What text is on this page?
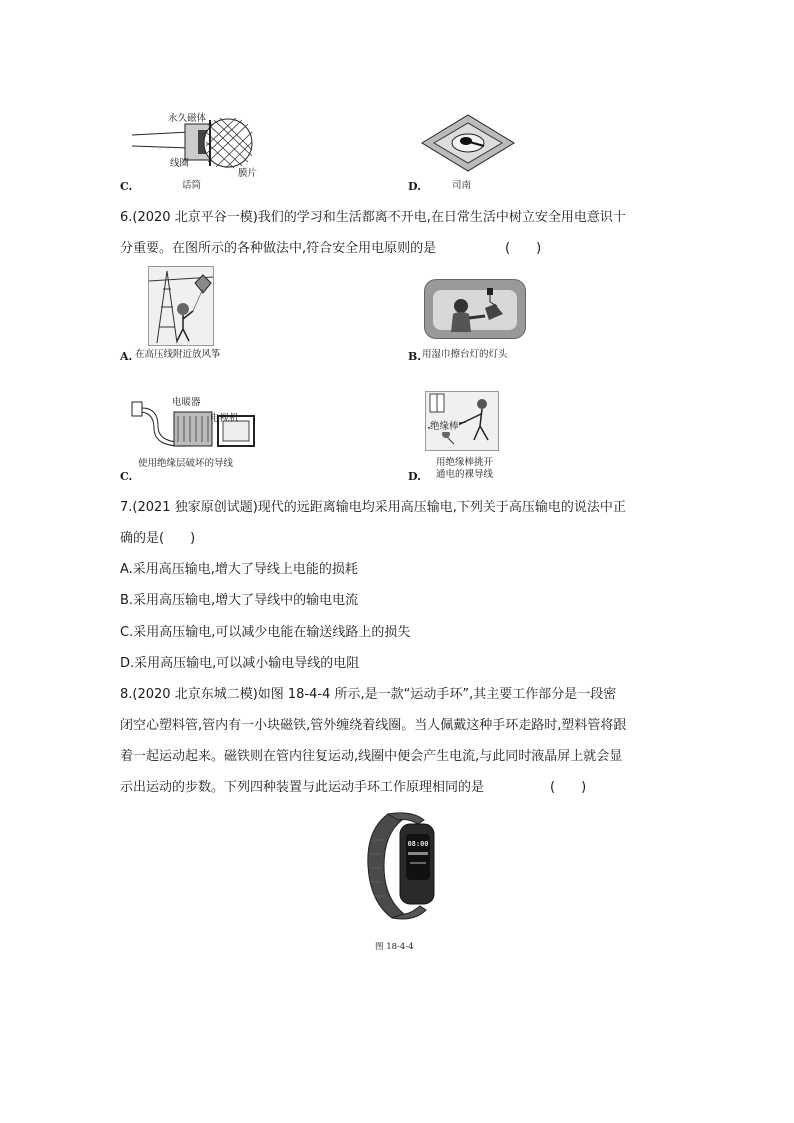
永久磁体
线圈
膜片
C.	话筒	D.	司南
6.(2020 北京平谷一模)我们的学习和生活都离不开电,在日常生活中树立安全用电意识十
分重要。在图所示的各种做法中,符合安全用电原则的是	(　　)
A. 在高压线附近放风筝	B. 用湿巾擦台灯的灯头
电暖器
电视机
使用绝缘层破坏的导线
C.
绝缘棒
用绝缘棒挑开
通电的裸导线
D.
7.(2021 独家原创试题)现代的远距离输电均采用高压输电,下列关于高压输电的说法中正
确的是(　　)
A.采用高压输电,增大了导线上电能的损耗
B.采用高压输电,增大了导线中的输电电流
C.采用高压输电,可以减少电能在输送线路上的损失
D.采用高压输电,可以减小输电导线的电阻
8.(2020 北京东城二模)如图 18-4-4 所示,是一款“运动手环”,其主要工作部分是一段密
闭空心塑料管,管内有一小块磁铁,管外缠绕着线圈。当人佩戴这种手环走路时,塑料管将跟
着一起运动起来。磁铁则在管内往复运动,线圈中便会产生电流,与此同时液晶屏上就会显
示出运动的步数。下列四种装置与此运动手环工作原理相同的是	(　　)
08:00
图 18-4-4
